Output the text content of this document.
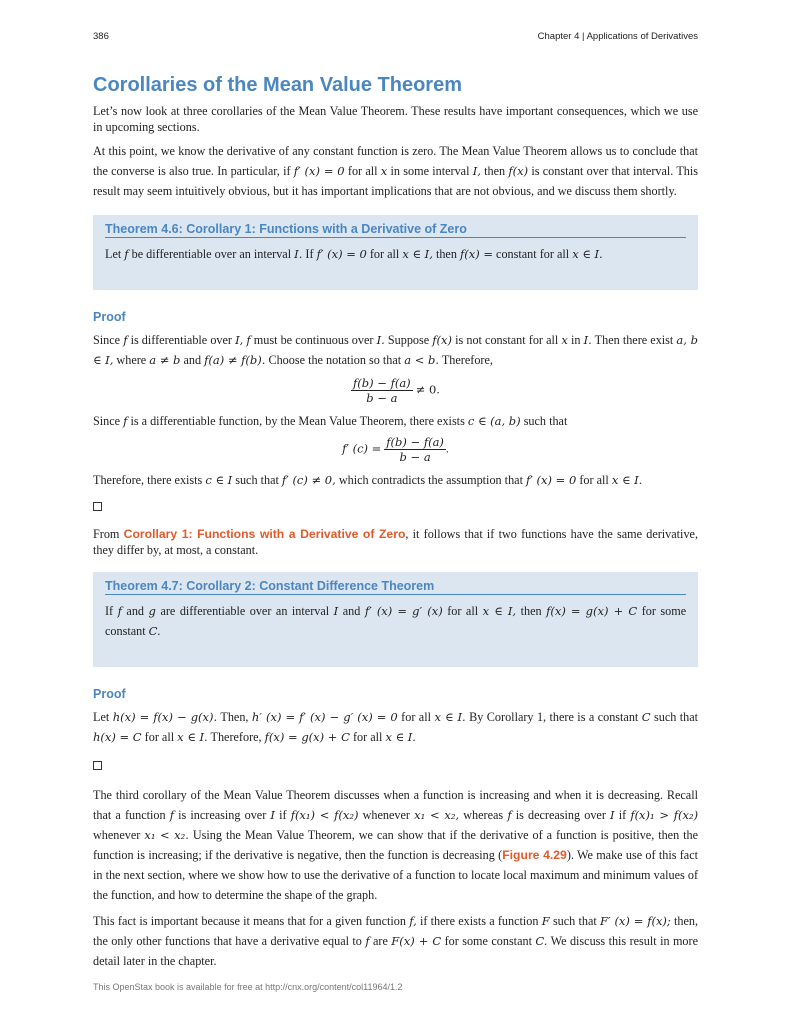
386	Chapter 4 | Applications of Derivatives
Corollaries of the Mean Value Theorem

Let’s now look at three corollaries of the Mean Value Theorem. These results have important consequences, which we use in upcoming sections.

At this point, we know the derivative of any constant function is zero. The Mean Value Theorem allows us to conclude that the converse is also true. In particular, if f′ (x) = 0 for all x in some interval I, then f(x) is constant over that interval. This result may seem intuitively obvious, but it has important implications that are not obvious, and we discuss them shortly.

Theorem 4.6: Corollary 1: Functions with a Derivative of Zero

Let f be differentiable over an interval I. If f′ (x) = 0 for all x ∈ I, then f(x) = constant for all x ∈ I.

Proof

Since f is differentiable over I, f must be continuous over I. Suppose f(x) is not constant for all x in I. Then there exist a, b ∈ I, where a ≠ b and f(a) ≠ f(b). Choose the notation so that a < b. Therefore,

$\frac{f(b) - f(a)}{b - a} \ne 0$.

Since f is a differentiable function, by the Mean Value Theorem, there exists c ∈ (a, b) such that

f′ $(c) = \frac{f(b) - f(a)}{b - a}$ .

Therefore, there exists c ∈ I such that f′ (c) ≠ 0, which contradicts the assumption that f′ (x) = 0 for all x ∈ I.

From Corollary 1: Functions with a Derivative of Zero, it follows that if two functions have the same derivative, they differ by, at most, a constant.

Theorem 4.7: Corollary 2: Constant Difference Theorem

If f and g are differentiable over an interval I and f′ (x) = g′ (x) for all x ∈ I, then f(x) = g(x) + C for some constant C.

Proof

Let h(x) = f(x) − g(x). Then, h′ (x) = f′ (x) − g′ (x) = 0 for all x ∈ I. By Corollary 1, there is a constant C such that h(x) = C for all x ∈ I. Therefore, f(x) = g(x) + C for all x ∈ I.

The third corollary of the Mean Value Theorem discusses when a function is increasing and when it is decreasing. Recall that a function f is increasing over I if f(x₁) < f(x₂) whenever x₁ < x₂, whereas f is decreasing over I if f(x)₁ > f(x₂) whenever x₁ < x₂. Using the Mean Value Theorem, we can show that if the derivative of a function is positive, then the function is increasing; if the derivative is negative, then the function is decreasing (Figure 4.29). We make use of this fact in the next section, where we show how to use the derivative of a function to locate local maximum and minimum values of the function, and how to determine the shape of the graph.

This fact is important because it means that for a given function f, if there exists a function F such that F′ (x) = f(x); then, the only other functions that have a derivative equal to f are F(x) + C for some constant C. We discuss this result in more detail later in the chapter.

This OpenStax book is available for free at http://cnx.org/content/col11964/1.2
